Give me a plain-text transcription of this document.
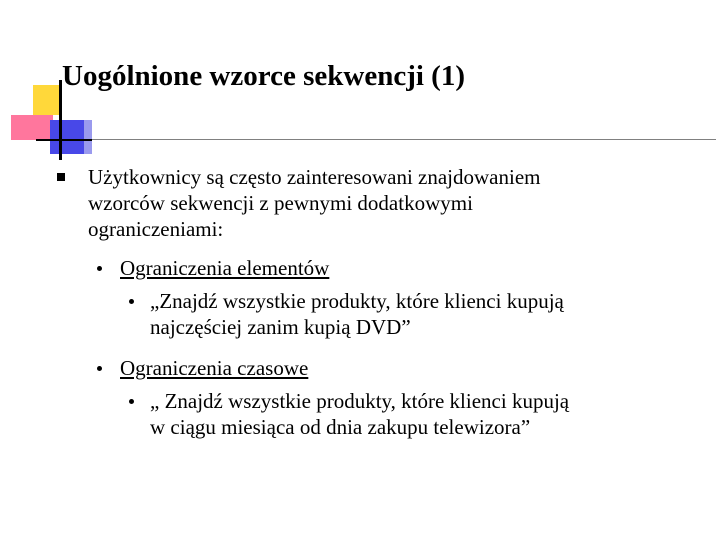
Uogólnione wzorce sekwencji (1)
Użytkownicy są często zainteresowani znajdowaniem
wzorców sekwencji z pewnymi dodatkowymi
ograniczeniami:
Ograniczenia elementów
„Znajdź wszystkie produkty, które klienci kupują
najczęściej zanim kupią DVD”
Ograniczenia czasowe
„ Znajdź wszystkie produkty, które klienci kupują
w ciągu miesiąca od dnia zakupu telewizora”
